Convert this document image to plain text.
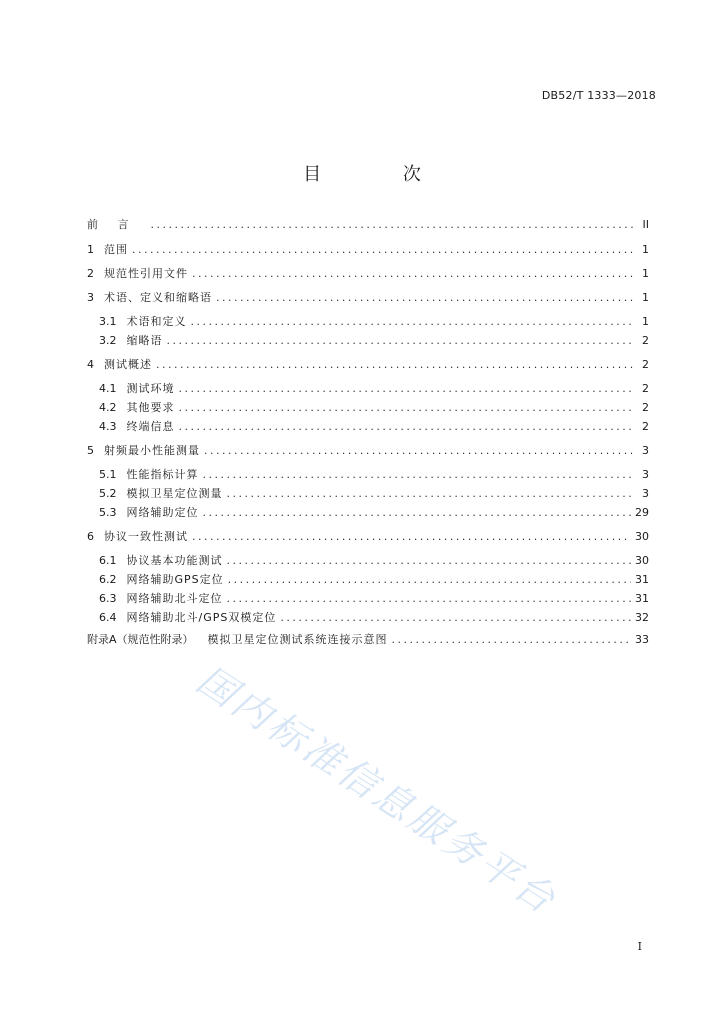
DB52/T 1333—2018
目 次
前 言 .....	II
1 范围 .....	1
2 规范性引用文件 .....	1
3 术语、定义和缩略语 .....	1
3.1 术语和定义 .....	1
3.2 缩略语 .....	2
4 测试概述 .....	2
4.1 测试环境 .....	2
4.2 其他要求 .....	2
4.3 终端信息 .....	2
5 射频最小性能测量 .....	3
5.1 性能指标计算 .....	3
5.2 模拟卫星定位测量 .....	3
5.3 网络辅助定位 .....	29
6 协议一致性测试 .....	30
6.1 协议基本功能测试 .....	30
6.2 网络辅助GPS定位 .....	31
6.3 网络辅助北斗定位 .....	31
6.4 网络辅助北斗/GPS双模定位 .....	32
附录A（规范性附录） 模拟卫星定位测试系统连接示意图 .....	33
国内标准信息服务平台
I
